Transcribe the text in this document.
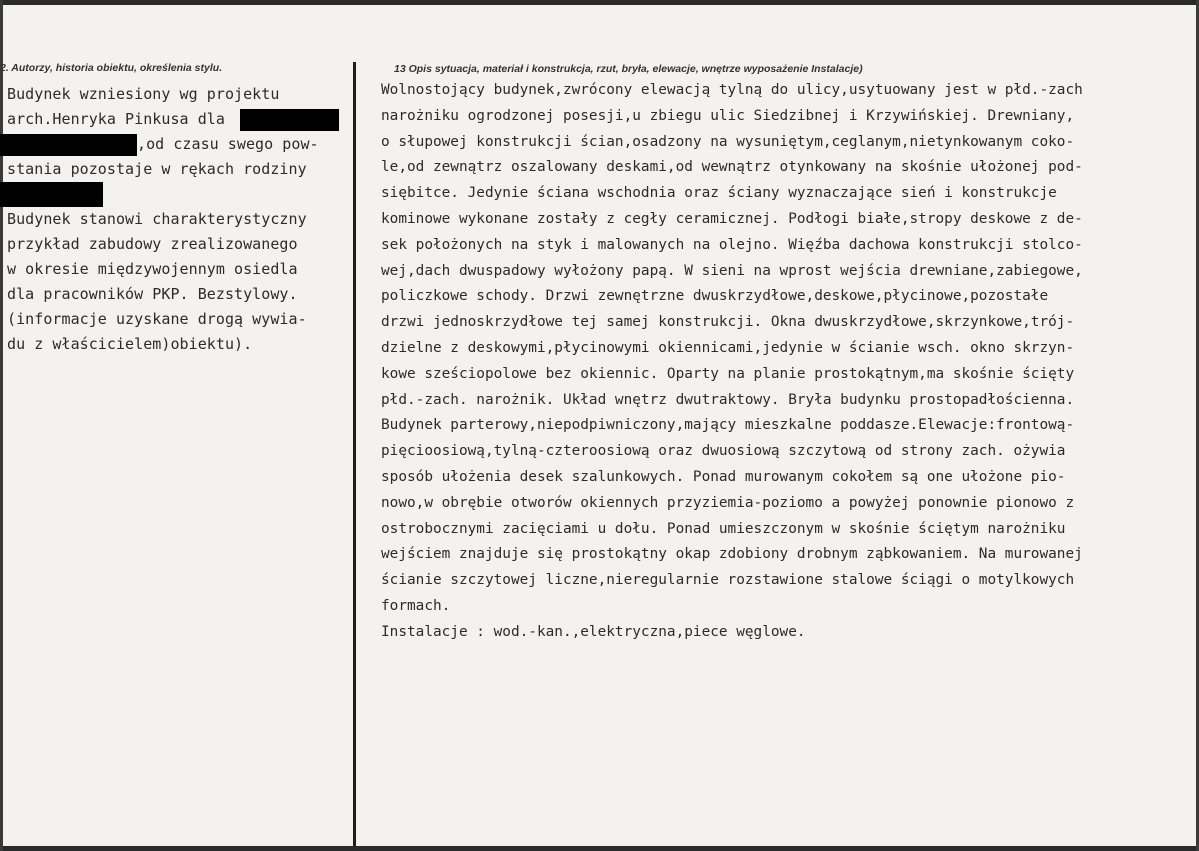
2. Autorzy, historia obiektu, określenia stylu.	13 Opis sytuacja, materiał i konstrukcja, rzut, bryła, elewacje, wnętrze wyposażenie Instalacje)
Budynek wzniesiony wg projektu
arch.Henryka Pinkusa dla
,od czasu swego pow-
stania pozostaje w rękach rodziny
Budynek stanowi charakterystyczny
przykład zabudowy zrealizowanego
w okresie międzywojennym osiedla
dla pracowników PKP. Bezstylowy.
(informacje uzyskane drogą wywia-
du z właścicielem)obiektu).
Wolnostojący budynek,zwrócony elewacją tylną do ulicy,usytuowany jest w płd.-zach
narożniku ogrodzonej posesji,u zbiegu ulic Siedzibnej i Krzywińskiej. Drewniany,
o słupowej konstrukcji ścian,osadzony na wysuniętym,ceglanym,nietynkowanym coko-
le,od zewnątrz oszalowany deskami,od wewnątrz otynkowany na skośnie ułożonej pod-
siębitce. Jedynie ściana wschodnia oraz ściany wyznaczające sień i konstrukcje
kominowe wykonane zostały z cegły ceramicznej. Podłogi białe,stropy deskowe z de-
sek położonych na styk i malowanych na olejno. Więźba dachowa konstrukcji stolco-
wej,dach dwuspadowy wyłożony papą. W sieni na wprost wejścia drewniane,zabiegowe,
policzkowe schody. Drzwi zewnętrzne dwuskrzydłowe,deskowe,płycinowe,pozostałe
drzwi jednoskrzydłowe tej samej konstrukcji. Okna dwuskrzydłowe,skrzynkowe,trój-
dzielne z deskowymi,płycinowymi okiennicami,jedynie w ścianie wsch. okno skrzyn-
kowe sześciopolowe bez okiennic. Oparty na planie prostokątnym,ma skośnie ścięty
płd.-zach. narożnik. Układ wnętrz dwutraktowy. Bryła budynku prostopadłościenna.
Budynek parterowy,niepodpiwniczony,mający mieszkalne poddasze.Elewacje:frontową-
pięcioosiową,tylną-czteroosiową oraz dwuosiową szczytową od strony zach. ożywia
sposób ułożenia desek szalunkowych. Ponad murowanym cokołem są one ułożone pio-
nowo,w obrębie otworów okiennych przyziemia-poziomo a powyżej ponownie pionowo z
ostrobocznymi zacięciami u dołu. Ponad umieszczonym w skośnie ściętym narożniku
wejściem znajduje się prostokątny okap zdobiony drobnym ząbkowaniem. Na murowanej
ścianie szczytowej liczne,nieregularnie rozstawione stalowe ściągi o motylkowych
formach.
Instalacje : wod.-kan.,elektryczna,piece węglowe.
